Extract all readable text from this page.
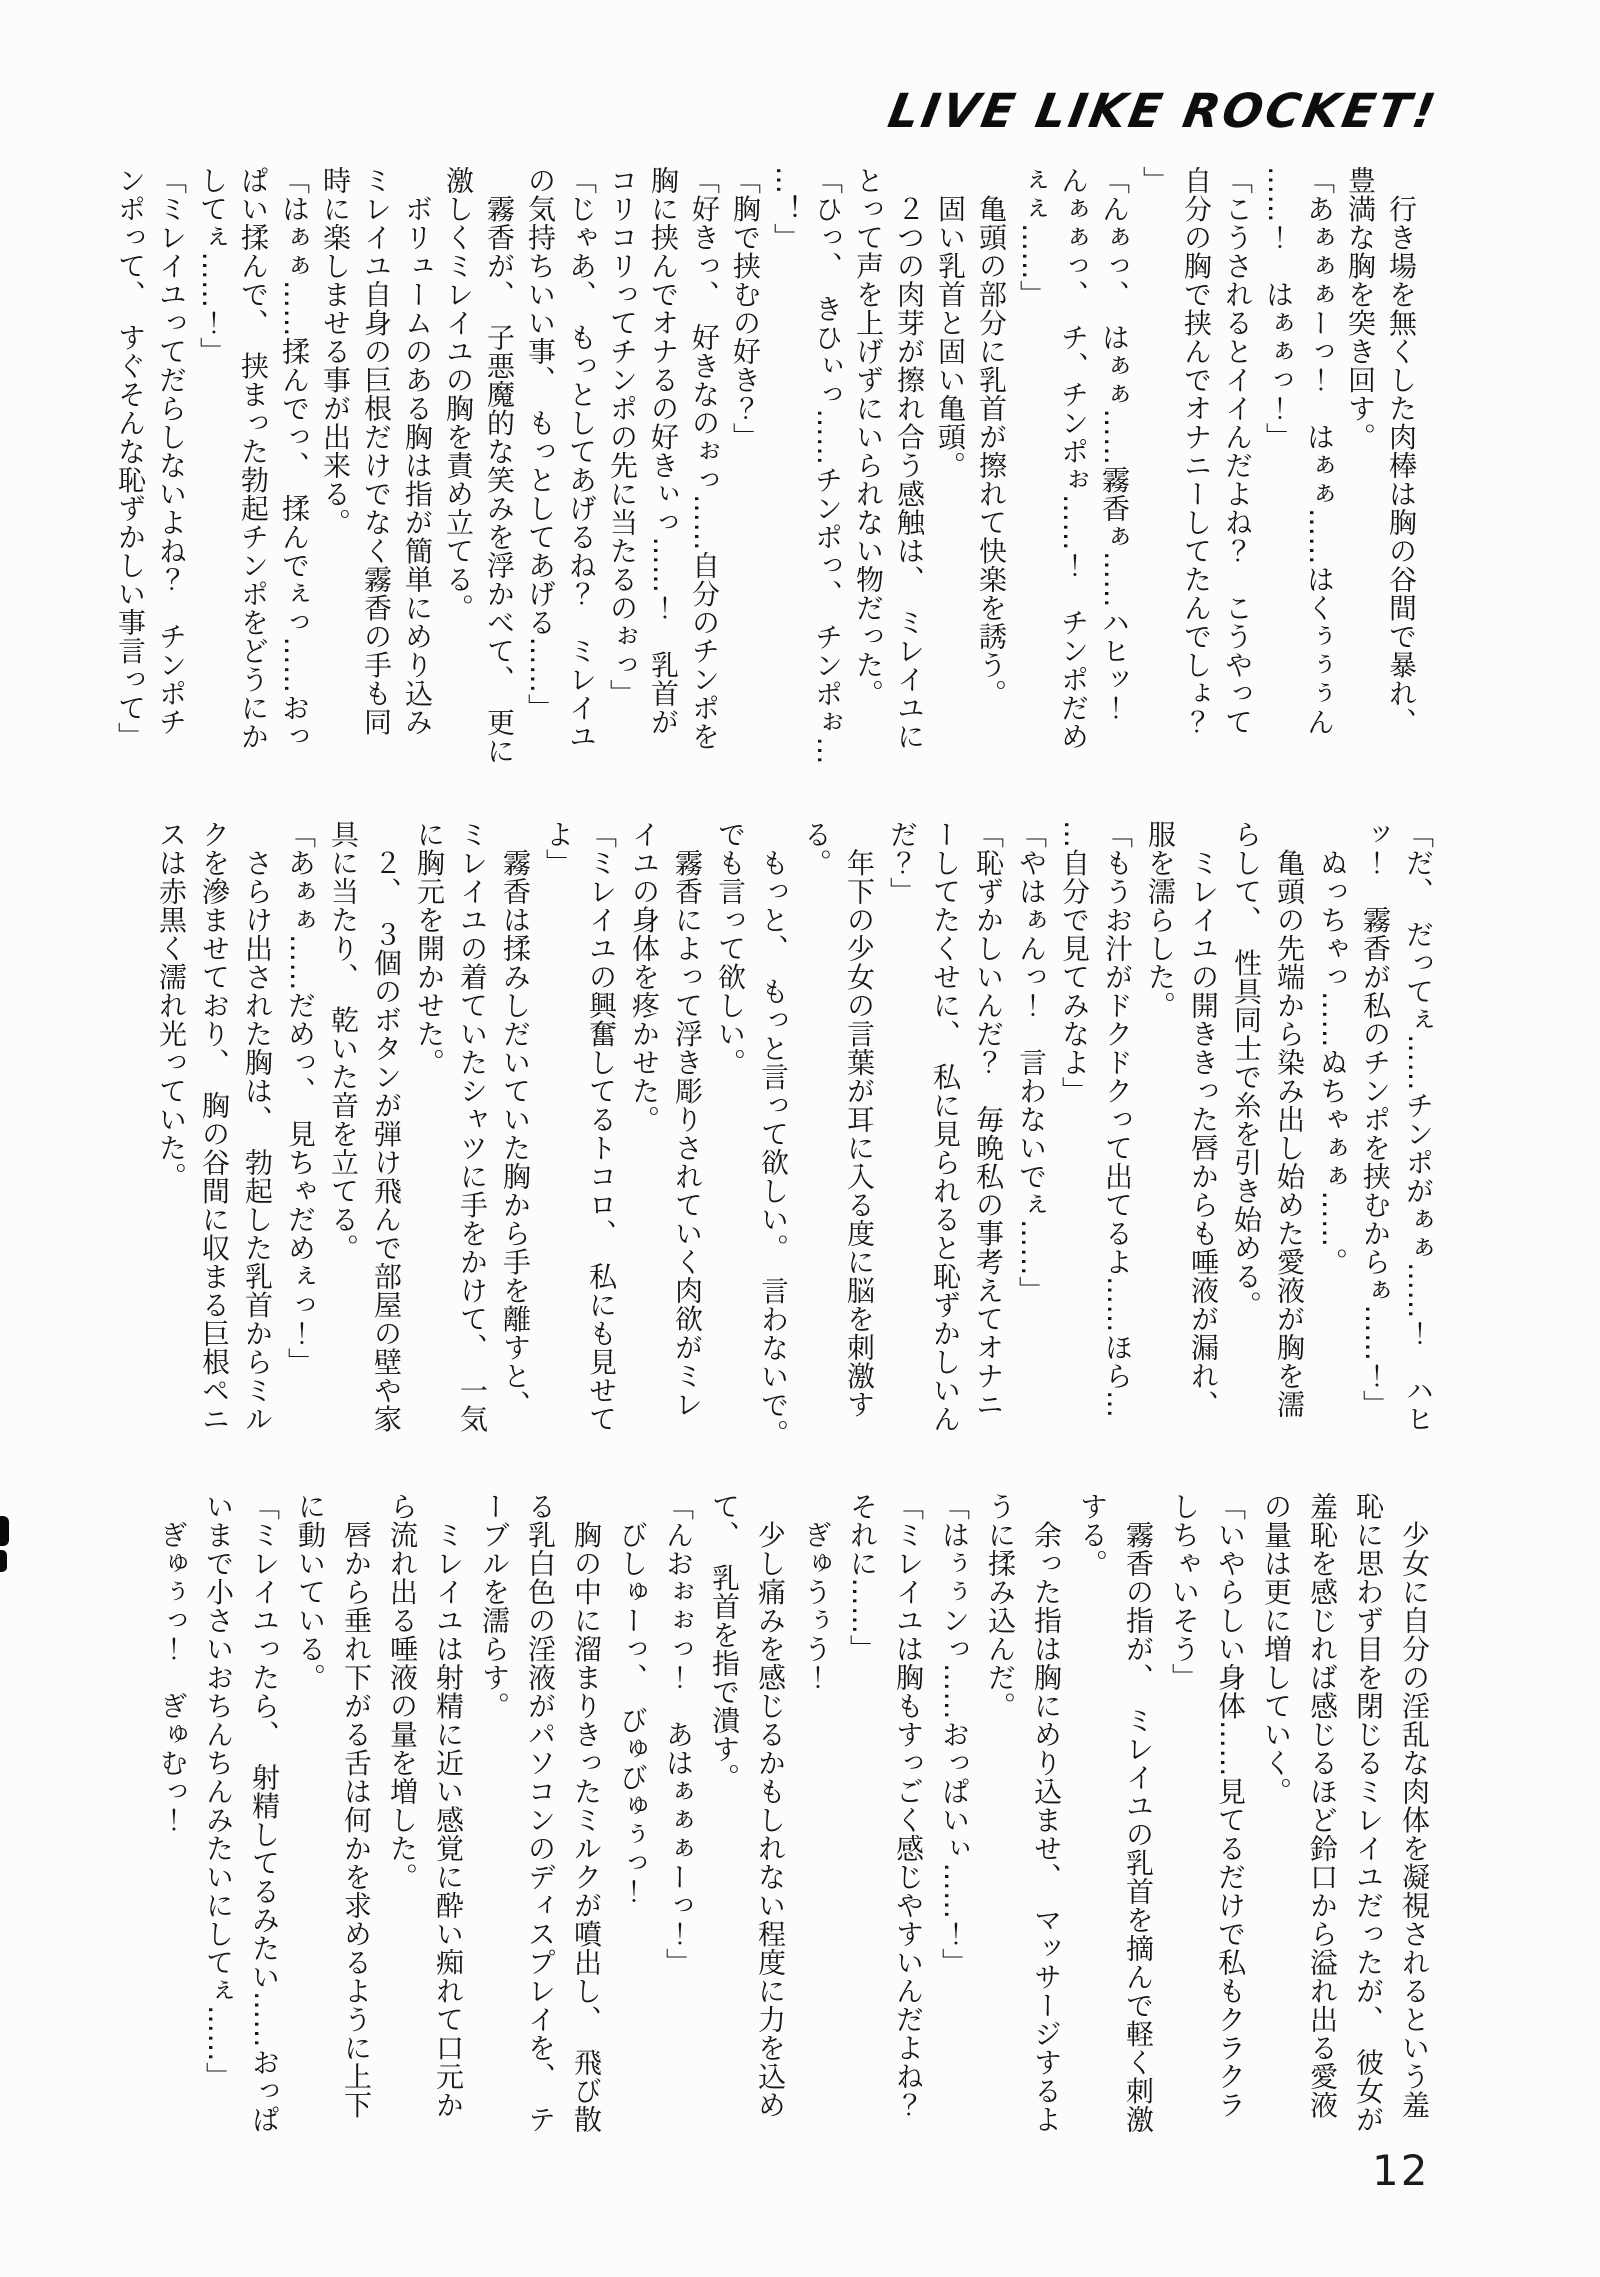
LIVE LIKE ROCKET!
　行き場を無くした肉棒は胸の谷間で暴れ、
豊満な胸を突き回す。
「あぁぁぁーっ！　はぁぁ……はくぅぅぅん
……！　はぁぁっ！」
「こうされるとイイんだよね？　こうやって
自分の胸で挟んでオナニーしてたんでしょ？
」
「んぁっ、　はぁぁ……霧香ぁ……ハヒッ！
んぁぁっ、　チ、チンポぉ……！　チンポだめ
ぇぇ……」
　亀頭の部分に乳首が擦れて快楽を誘う。
　固い乳首と固い亀頭。
　２つの肉芽が擦れ合う感触は、　ミレイユに
とって声を上げずにいられない物だった。
「ひっ、　きひぃっ……チンポっ、　チンポぉ…
…！」
「胸で挟むの好き？」
「好きっ、　好きなのぉっ……自分のチンポを
胸に挟んでオナるの好きぃっ……！　乳首が
コリコリってチンポの先に当たるのぉっ」
「じゃあ、　もっとしてあげるね？　ミレイユ
の気持ちいい事、　もっとしてあげる……」
　霧香が、　子悪魔的な笑みを浮かべて、　更に
激しくミレイユの胸を責め立てる。
　ボリュームのある胸は指が簡単にめり込み
ミレイユ自身の巨根だけでなく霧香の手も同
時に楽しませる事が出来る。
「はぁぁ……揉んでっ、　揉んでぇっ……おっ
ぱい揉んで、　挟まった勃起チンポをどうにか
してぇ……！」
「ミレイユってだらしないよね？　チンポチ
ンポって、　すぐそんな恥ずかしい事言って」
「だ、　だってぇ……チンポがぁぁ……！　ハヒ
ッ！　霧香が私のチンポを挟むからぁ……！」
　ぬっちゃっ……ぬちゃぁぁ……。
　亀頭の先端から染み出し始めた愛液が胸を濡
らして、　性具同士で糸を引き始める。
　ミレイユの開ききった唇からも唾液が漏れ、
服を濡らした。
「もうお汁がドクドクって出てるよ……ほら…
…自分で見てみなよ」
「やはぁんっ！　言わないでぇ……」
「恥ずかしいんだ？　毎晩私の事考えてオナニ
ーしてたくせに、　私に見られると恥ずかしいん
だ？」
　年下の少女の言葉が耳に入る度に脳を刺激す
る。
　もっと、　もっと言って欲しい。　言わないで。
でも言って欲しい。
　霧香によって浮き彫りされていく肉欲がミレ
イユの身体を疼かせた。
「ミレイユの興奮してるトコロ、　私にも見せて
よ」
　霧香は揉みしだいていた胸から手を離すと、
ミレイユの着ていたシャツに手をかけて、　一気
に胸元を開かせた。
　２、　３個のボタンが弾け飛んで部屋の壁や家
具に当たり、　乾いた音を立てる。
「あぁぁ……だめっ、　見ちゃだめぇっ！」
　さらけ出された胸は、　勃起した乳首からミル
クを滲ませており、　胸の谷間に収まる巨根ペニ
スは赤黒く濡れ光っていた。
　少女に自分の淫乱な肉体を凝視されるという羞
恥に思わず目を閉じるミレイユだったが、　彼女が
羞恥を感じれば感じるほど鈴口から溢れ出る愛液
の量は更に増していく。
「いやらしい身体……見てるだけで私もクラクラ
しちゃいそう」
　霧香の指が、　ミレイユの乳首を摘んで軽く刺激
する。
　余った指は胸にめり込ませ、　マッサージするよ
うに揉み込んだ。
「はぅぅンっ……おっぱいぃ……！」
「ミレイユは胸もすっごく感じやすいんだよね？
それに……」
　ぎゅうぅう！
　少し痛みを感じるかもしれない程度に力を込め
て、　乳首を指で潰す。
「んおぉぉっ！　あはぁぁぁーっ！」
　びしゅーっ、　びゅびゅぅっ！
　胸の中に溜まりきったミルクが噴出し、　飛び散
る乳白色の淫液がパソコンのディスプレイを、　テ
ーブルを濡らす。
　ミレイユは射精に近い感覚に酔い痴れて口元か
ら流れ出る唾液の量を増した。
　唇から垂れ下がる舌は何かを求めるように上下
に動いている。
「ミレイユったら、　射精してるみたい……おっぱ
いまで小さいおちんちんみたいにしてぇ……」
　ぎゅぅっ！　ぎゅむっ！
12
